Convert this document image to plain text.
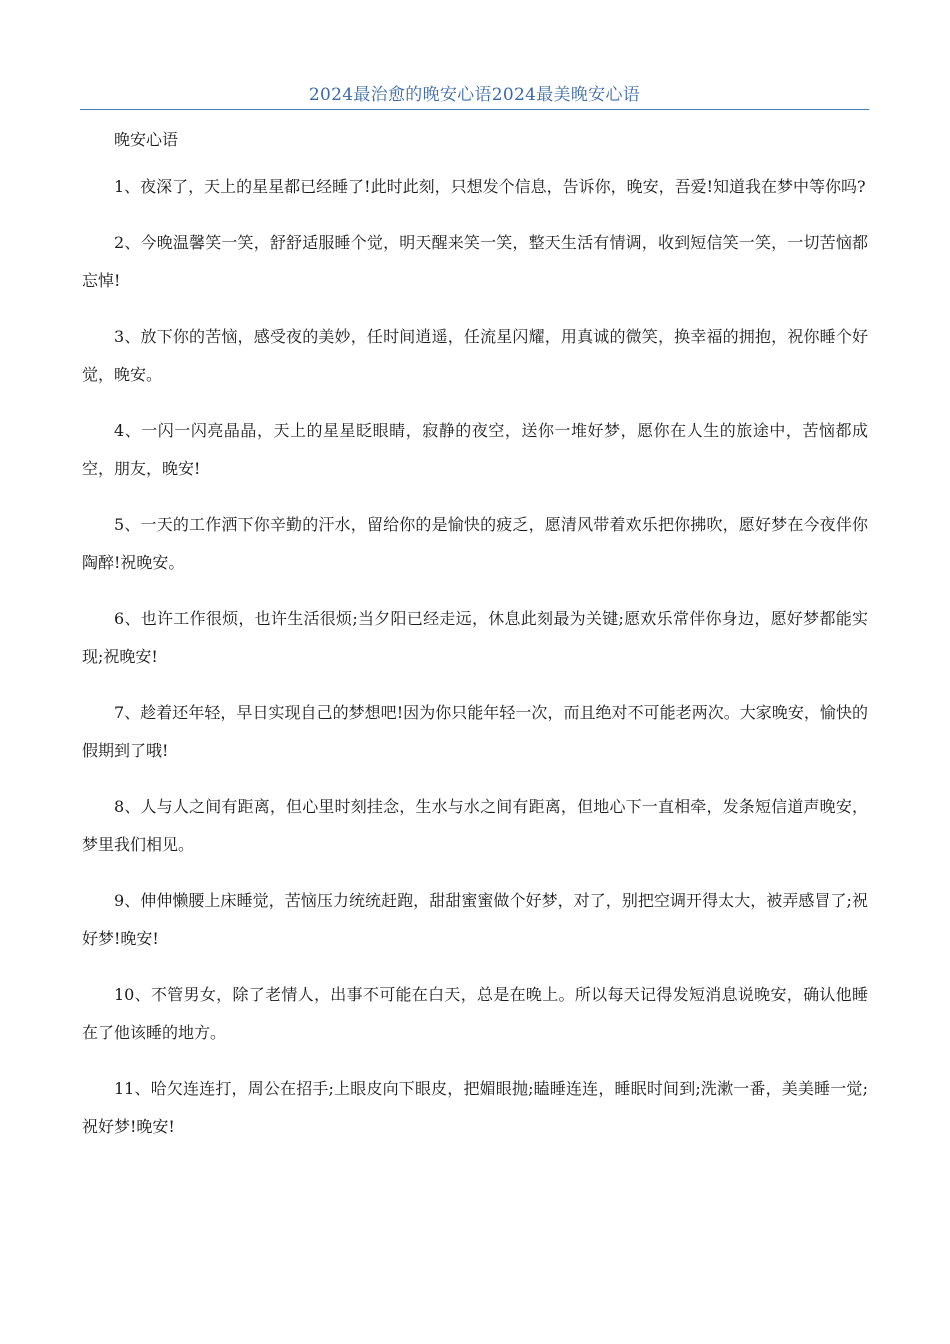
2024最治愈的晚安心语2024最美晚安心语

晚安心语

1、夜深了，天上的星星都已经睡了!此时此刻，只想发个信息，告诉你，晚安，吾爱!知道我在梦中等你吗?

2、今晚温馨笑一笑，舒舒适服睡个觉，明天醒来笑一笑，整天生活有情调，收到短信笑一笑，一切苦恼都忘悼!

3、放下你的苦恼，感受夜的美妙，任时间逍遥，任流星闪耀，用真诚的微笑，换幸福的拥抱，祝你睡个好觉，晚安。

4、一闪一闪亮晶晶，天上的星星眨眼睛，寂静的夜空，送你一堆好梦，愿你在人生的旅途中，苦恼都成空，朋友，晚安!

5、一天的工作洒下你辛勤的汗水，留给你的是愉快的疲乏，愿清风带着欢乐把你拂吹，愿好梦在今夜伴你陶醉!祝晚安。

6、也许工作很烦，也许生活很烦;当夕阳已经走远，休息此刻最为关键;愿欢乐常伴你身边，愿好梦都能实现;祝晚安!

7、趁着还年轻，早日实现自己的梦想吧!因为你只能年轻一次，而且绝对不可能老两次。大家晚安，愉快的假期到了哦!

8、人与人之间有距离，但心里时刻挂念，生水与水之间有距离，但地心下一直相牵，发条短信道声晚安，梦里我们相见。

9、伸伸懒腰上床睡觉，苦恼压力统统赶跑，甜甜蜜蜜做个好梦，对了，别把空调开得太大，被弄感冒了;祝好梦!晚安!

10、不管男女，除了老情人，出事不可能在白天，总是在晚上。所以每天记得发短消息说晚安，确认他睡在了他该睡的地方。

11、哈欠连连打，周公在招手;上眼皮向下眼皮，把媚眼抛;瞌睡连连，睡眠时间到;洗漱一番，美美睡一觉;祝好梦!晚安!
